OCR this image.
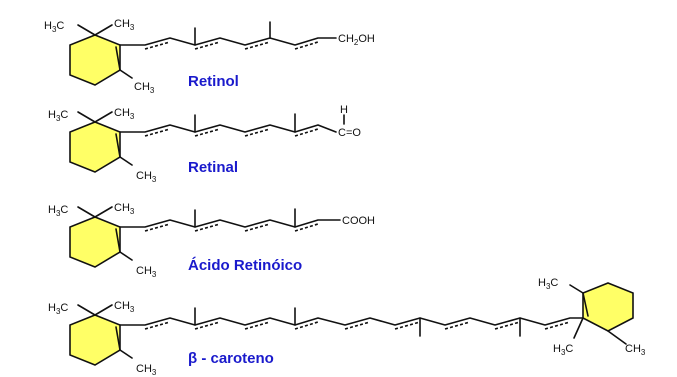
$H_3C$	$CH_3$
$CH_3$
$CH_2OH$
Retinol
$H_3C$	$CH_3$
$CH_3$
H
C=O
Retinal
$H_3C$	$CH_3$
$CH_3$
COOH
Ácido Retinóico
$H_3C$	$CH_3$
$CH_3$
$H_3C$
$H_3C$	$CH_3$
β - caroteno
